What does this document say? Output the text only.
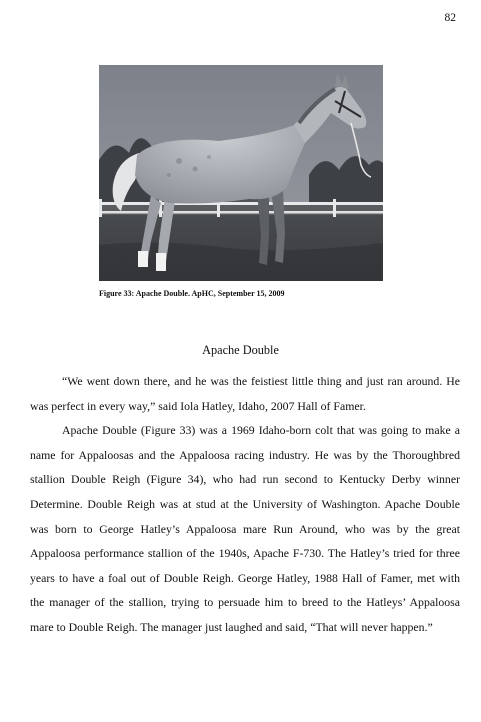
82
Figure 33: Apache Double. ApHC, September 15, 2009
Apache Double
“We went down there, and he was the feistiest little thing and just ran around. He
was perfect in every way,” said Iola Hatley, Idaho, 2007 Hall of Famer.
Apache Double (Figure 33) was a 1969 Idaho-born colt that was going to make a
name for Appaloosas and the Appaloosa racing industry. He was by the Thoroughbred
stallion Double Reigh (Figure 34), who had run second to Kentucky Derby winner
Determine. Double Reigh was at stud at the University of Washington. Apache Double
was born to George Hatley’s Appaloosa mare Run Around, who was by the great
Appaloosa performance stallion of the 1940s, Apache F-730. The Hatley’s tried for three
years to have a foal out of Double Reigh. George Hatley, 1988 Hall of Famer, met with
the manager of the stallion, trying to persuade him to breed to the Hatleys’ Appaloosa
mare to Double Reigh. The manager just laughed and said, “That will never happen.”
